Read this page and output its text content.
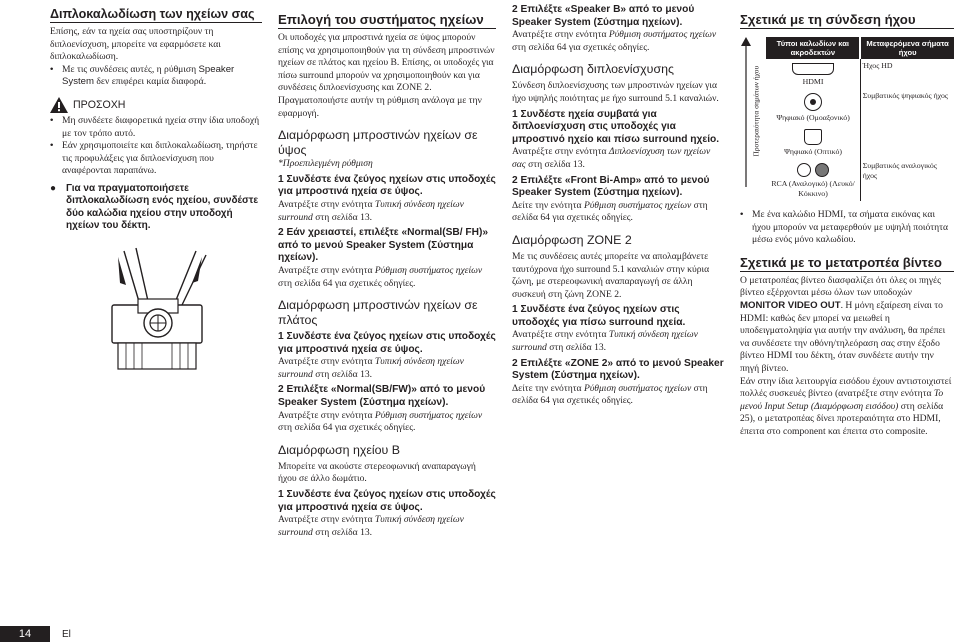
Διπλοκαλωδίωση των ηχείων σας

Επίσης, εάν τα ηχεία σας υποστηρίζουν τη διπλοενίσχυση, μπορείτε να εφαρμόσετε και διπλοκαλωδίωση.

• Με τις συνδέσεις αυτές, η ρύθμιση Speaker System δεν επιφέρει καμία διαφορά.
ΠΡΟΣΟΧΗ
• Μη συνδέετε διαφορετικά ηχεία στην ίδια υποδοχή με τον τρόπο αυτό.
• Εάν χρησιμοποιείτε και διπλοκαλωδίωση, τηρήστε τις προφυλάξεις για διπλοενίσχυση που αναφέρονται παραπάνω.
● Για να πραγματοποιήσετε διπλοκαλωδίωση ενός ηχείου, συνδέστε δύο καλώδια ηχείου στην υποδοχή ηχείων του δέκτη.
Επιλογή του συστήματος ηχείων

Οι υποδοχές για μπροστινά ηχεία σε ύψος μπορούν επίσης να χρησιμοποιηθούν για τη σύνδεση μπροστινών ηχείων σε πλάτος και ηχείου B. Επίσης, οι υποδοχές για πίσω surround μπορούν να χρησιμοποιηθούν και για συνδέσεις διπλοενίσχυσης και ZONE 2. Πραγματοποιήστε αυτήν τη ρύθμιση ανάλογα με την εφαρμογή.

Διαμόρφωση μπροστινών ηχείων σε ύψος

*Προεπιλεγμένη ρύθμιση

1 Συνδέστε ένα ζεύγος ηχείων στις υποδοχές για μπροστινά ηχεία σε ύψος.

Ανατρέξτε στην ενότητα Τυπική σύνδεση ηχείων surround στη σελίδα 13.

2 Εάν χρειαστεί, επιλέξτε «Normal(SB/ FH)» από το μενού Speaker System (Σύστημα ηχείων).

Ανατρέξτε στην ενότητα Ρύθμιση συστήματος ηχείων στη σελίδα 64 για σχετικές οδηγίες.

Διαμόρφωση μπροστινών ηχείων σε πλάτος

1 Συνδέστε ένα ζεύγος ηχείων στις υποδοχές για μπροστινά ηχεία σε ύψος.

Ανατρέξτε στην ενότητα Τυπική σύνδεση ηχείων surround στη σελίδα 13.

2 Επιλέξτε «Normal(SB/FW)» από το μενού Speaker System (Σύστημα ηχείων).

Ανατρέξτε στην ενότητα Ρύθμιση συστήματος ηχείων στη σελίδα 64 για σχετικές οδηγίες.

Διαμόρφωση ηχείου B

Μπορείτε να ακούστε στερεοφωνική αναπαραγωγή ήχου σε άλλο δωμάτιο.

1 Συνδέστε ένα ζεύγος ηχείων στις υποδοχές για μπροστινά ηχεία σε ύψος.

Ανατρέξτε στην ενότητα Τυπική σύνδεση ηχείων surround στη σελίδα 13.

2 Επιλέξτε «Speaker B» από το μενού Speaker System (Σύστημα ηχείων).

Ανατρέξτε στην ενότητα Ρύθμιση συστήματος ηχείων στη σελίδα 64 για σχετικές οδηγίες.

Διαμόρφωση διπλοενίσχυσης

Σύνδεση διπλοενίσχυσης των μπροστινών ηχείων για ήχο υψηλής ποιότητας με ήχο surround 5.1 καναλιών.

1 Συνδέστε ηχεία συμβατά για διπλοενίσχυση στις υποδοχές για μπροστινό ηχείο και πίσω surround ηχείο.

Ανατρέξτε στην ενότητα Διπλοενίσχυση των ηχείων σας στη σελίδα 13.

2 Επιλέξτε «Front Bi-Amp» από το μενού Speaker System (Σύστημα ηχείων).

Δείτε την ενότητα Ρύθμιση συστήματος ηχείων στη σελίδα 64 για σχετικές οδηγίες.

Διαμόρφωση ZONE 2

Με τις συνδέσεις αυτές μπορείτε να απολαμβάνετε ταυτόχρονα ήχο surround 5.1 καναλιών στην κύρια ζώνη, με στερεοφωνική αναπαραγωγή σε άλλη συσκευή στη ζώνη ZONE 2.

1 Συνδέστε ένα ζεύγος ηχείων στις υποδοχές για πίσω surround ηχεία.

Ανατρέξτε στην ενότητα Τυπική σύνδεση ηχείων surround στη σελίδα 13.

2 Επιλέξτε «ZONE 2» από το μενού Speaker System (Σύστημα ηχείων).

Δείτε την ενότητα Ρύθμιση συστήματος ηχείων στη σελίδα 64 για σχετικές οδηγίες.

Σχετικά με τη σύνδεση ήχου
Προτεραιότητα σημάτων ήχου
Τύποι καλωδίων και ακροδεκτών	Μεταφερόμενα σήματα ήχου

HDMI	Ήχος HD

Ψηφιακό (Ομοαξονικό)	Συμβατικός ψηφιακός ήχος

Ψηφιακό (Οπτικό)	

RCA (Αναλογικό) (Λευκό/Κόκκινο)	Συμβατικός αναλογικός ήχος
• Με ένα καλώδιο HDMI, τα σήματα εικόνας και ήχου μπορούν να μεταφερθούν με υψηλή ποιότητα μέσω ενός μόνο καλωδίου.
Σχετικά με το μετατροπέα βίντεο

Ο μετατροπέας βίντεο διασφαλίζει ότι όλες οι πηγές βίντεο εξέρχονται μέσω όλων των υποδοχών MONITOR VIDEO OUT. Η μόνη εξαίρεση είναι το HDMI: καθώς δεν μπορεί να μειωθεί η υποδειγματοληψία για αυτήν την ανάλυση, θα πρέπει να συνδέσετε την οθόνη/τηλεόραση σας στην έξοδο βίντεο HDMI του δέκτη, όταν συνδέετε αυτήν την πηγή βίντεο.

Εάν στην ίδια λειτουργία εισόδου έχουν αντιστοιχιστεί πολλές συσκευές βίντεο (ανατρέξτε στην ενότητα Το μενού Input Setup (Διαμόρφωση εισόδου) στη σελίδα 25), ο μετατροπέας δίνει προτεραιότητα στο HDMI, έπειτα στο component και έπειτα στο composite.

14	El
